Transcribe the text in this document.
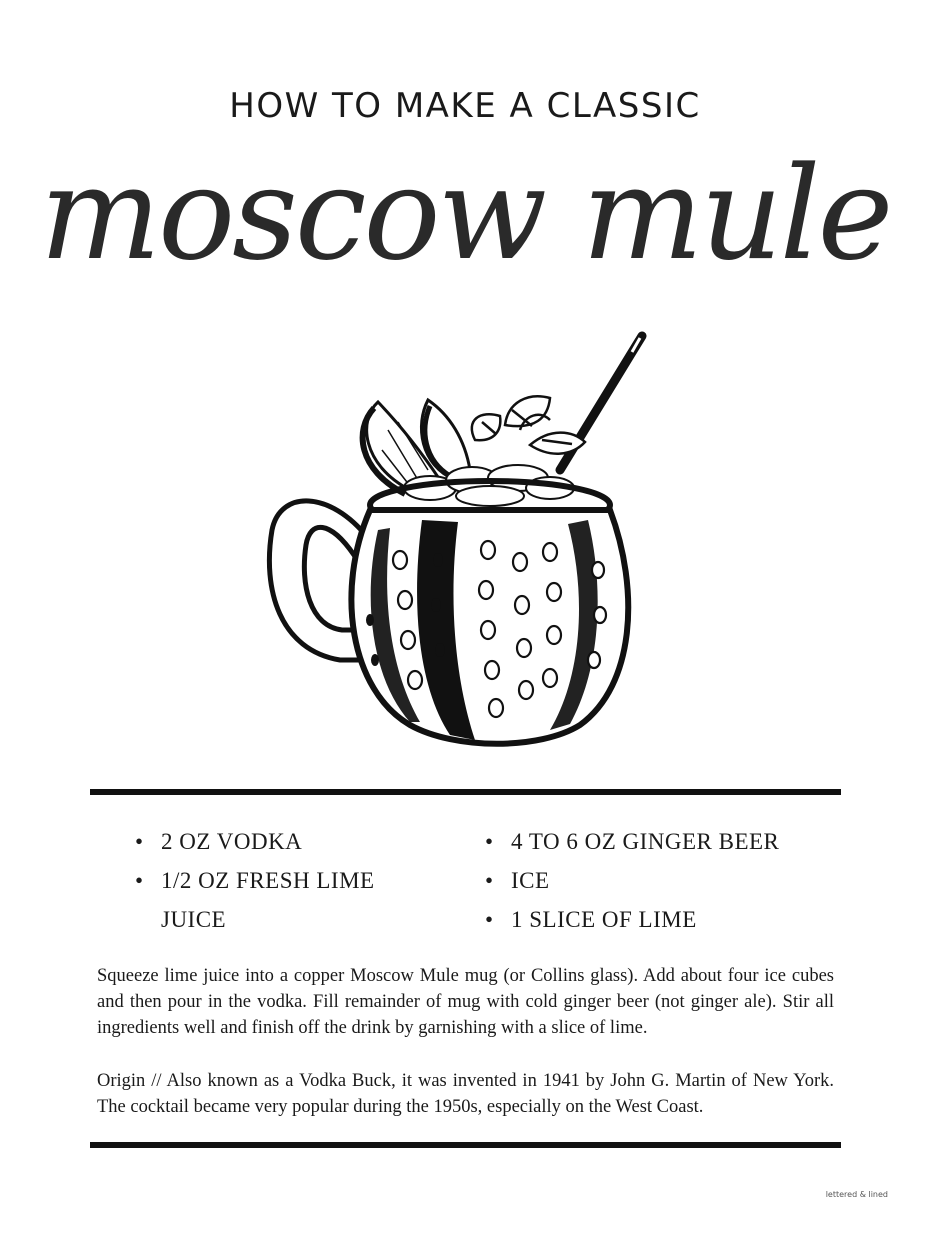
HOW TO MAKE A CLASSIC
moscow mule
• 2 OZ VODKA
• 1/2 OZ FRESH LIME
JUICE
• 4 TO 6 OZ GINGER BEER
• ICE
• 1 SLICE OF LIME
Squeeze lime juice into a copper Moscow Mule mug (or Collins glass). Add about four ice cubes and then pour in the vodka. Fill remainder of mug with cold ginger beer (not ginger ale). Stir all ingredients well and finish off the drink by garnishing with a slice of lime.
Origin // Also known as a Vodka Buck, it was invented in 1941 by John G. Martin of New York. The cocktail became very popular during the 1950s, especially on the West Coast.
lettered & lined
